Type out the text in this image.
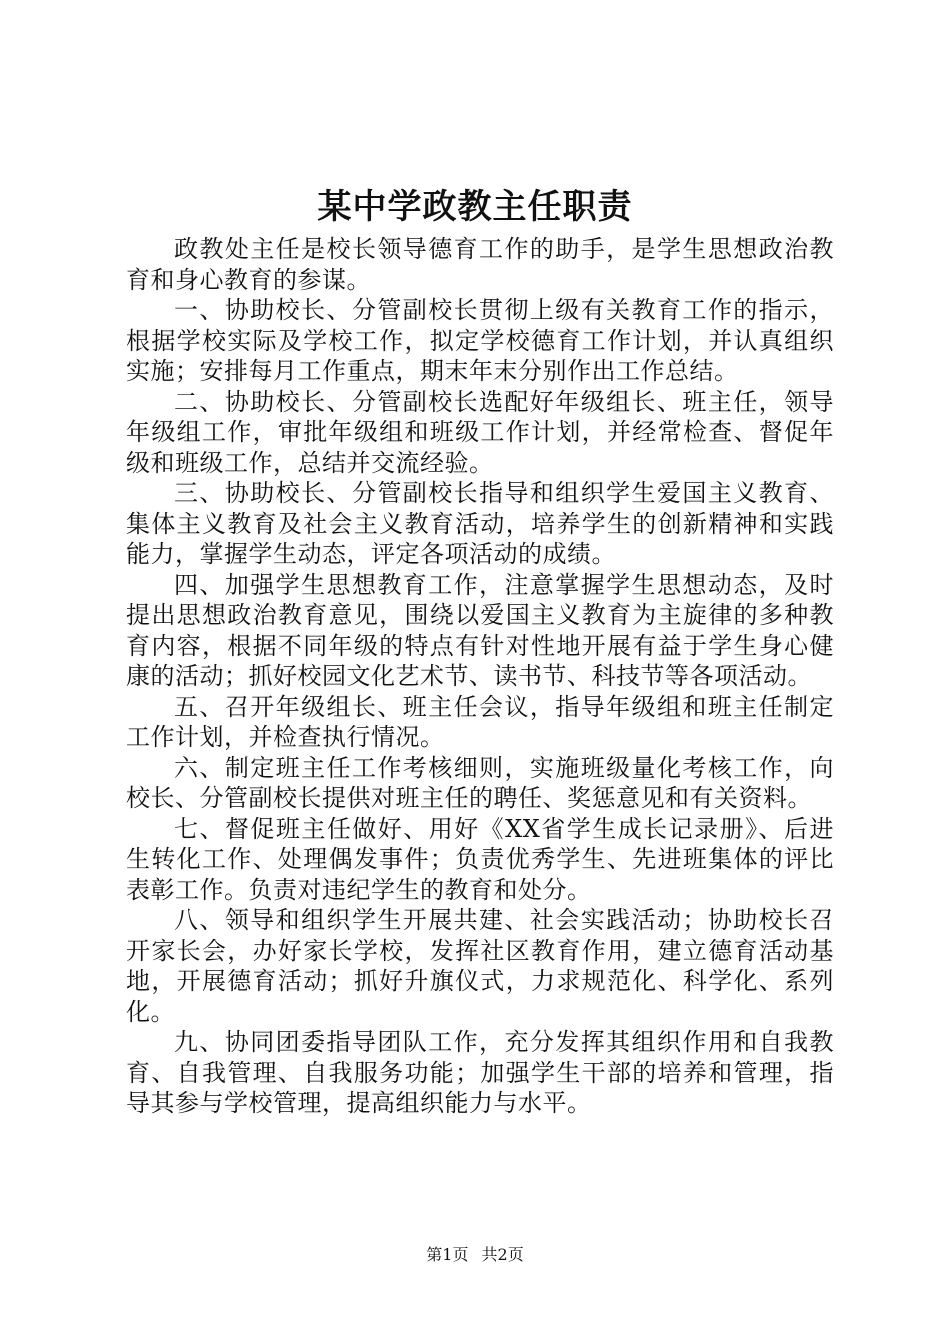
某中学政教主任职责

政教处主任是校长领导德育工作的助手，是学生思想政治教育和身心教育的参谋。

一、协助校长、分管副校长贯彻上级有关教育工作的指示，根据学校实际及学校工作，拟定学校德育工作计划，并认真组织实施；安排每月工作重点，期末年末分别作出工作总结。

二、协助校长、分管副校长选配好年级组长、班主任，领导年级组工作，审批年级组和班级工作计划，并经常检查、督促年级和班级工作，总结并交流经验。

三、协助校长、分管副校长指导和组织学生爱国主义教育、集体主义教育及社会主义教育活动，培养学生的创新精神和实践能力，掌握学生动态，评定各项活动的成绩。

四、加强学生思想教育工作，注意掌握学生思想动态，及时提出思想政治教育意见，围绕以爱国主义教育为主旋律的多种教育内容，根据不同年级的特点有针对性地开展有益于学生身心健康的活动；抓好校园文化艺术节、读书节、科技节等各项活动。

五、召开年级组长、班主任会议，指导年级组和班主任制定工作计划，并检查执行情况。

六、制定班主任工作考核细则，实施班级量化考核工作，向校长、分管副校长提供对班主任的聘任、奖惩意见和有关资料。

七、督促班主任做好、用好《XX省学生成长记录册》、后进生转化工作、处理偶发事件；负责优秀学生、先进班集体的评比表彰工作。负责对违纪学生的教育和处分。

八、领导和组织学生开展共建、社会实践活动；协助校长召开家长会，办好家长学校，发挥社区教育作用，建立德育活动基地，开展德育活动；抓好升旗仪式，力求规范化、科学化、系列化。

九、协同团委指导团队工作，充分发挥其组织作用和自我教育、自我管理、自我服务功能；加强学生干部的培养和管理，指导其参与学校管理，提高组织能力与水平。

第1页 共2页
